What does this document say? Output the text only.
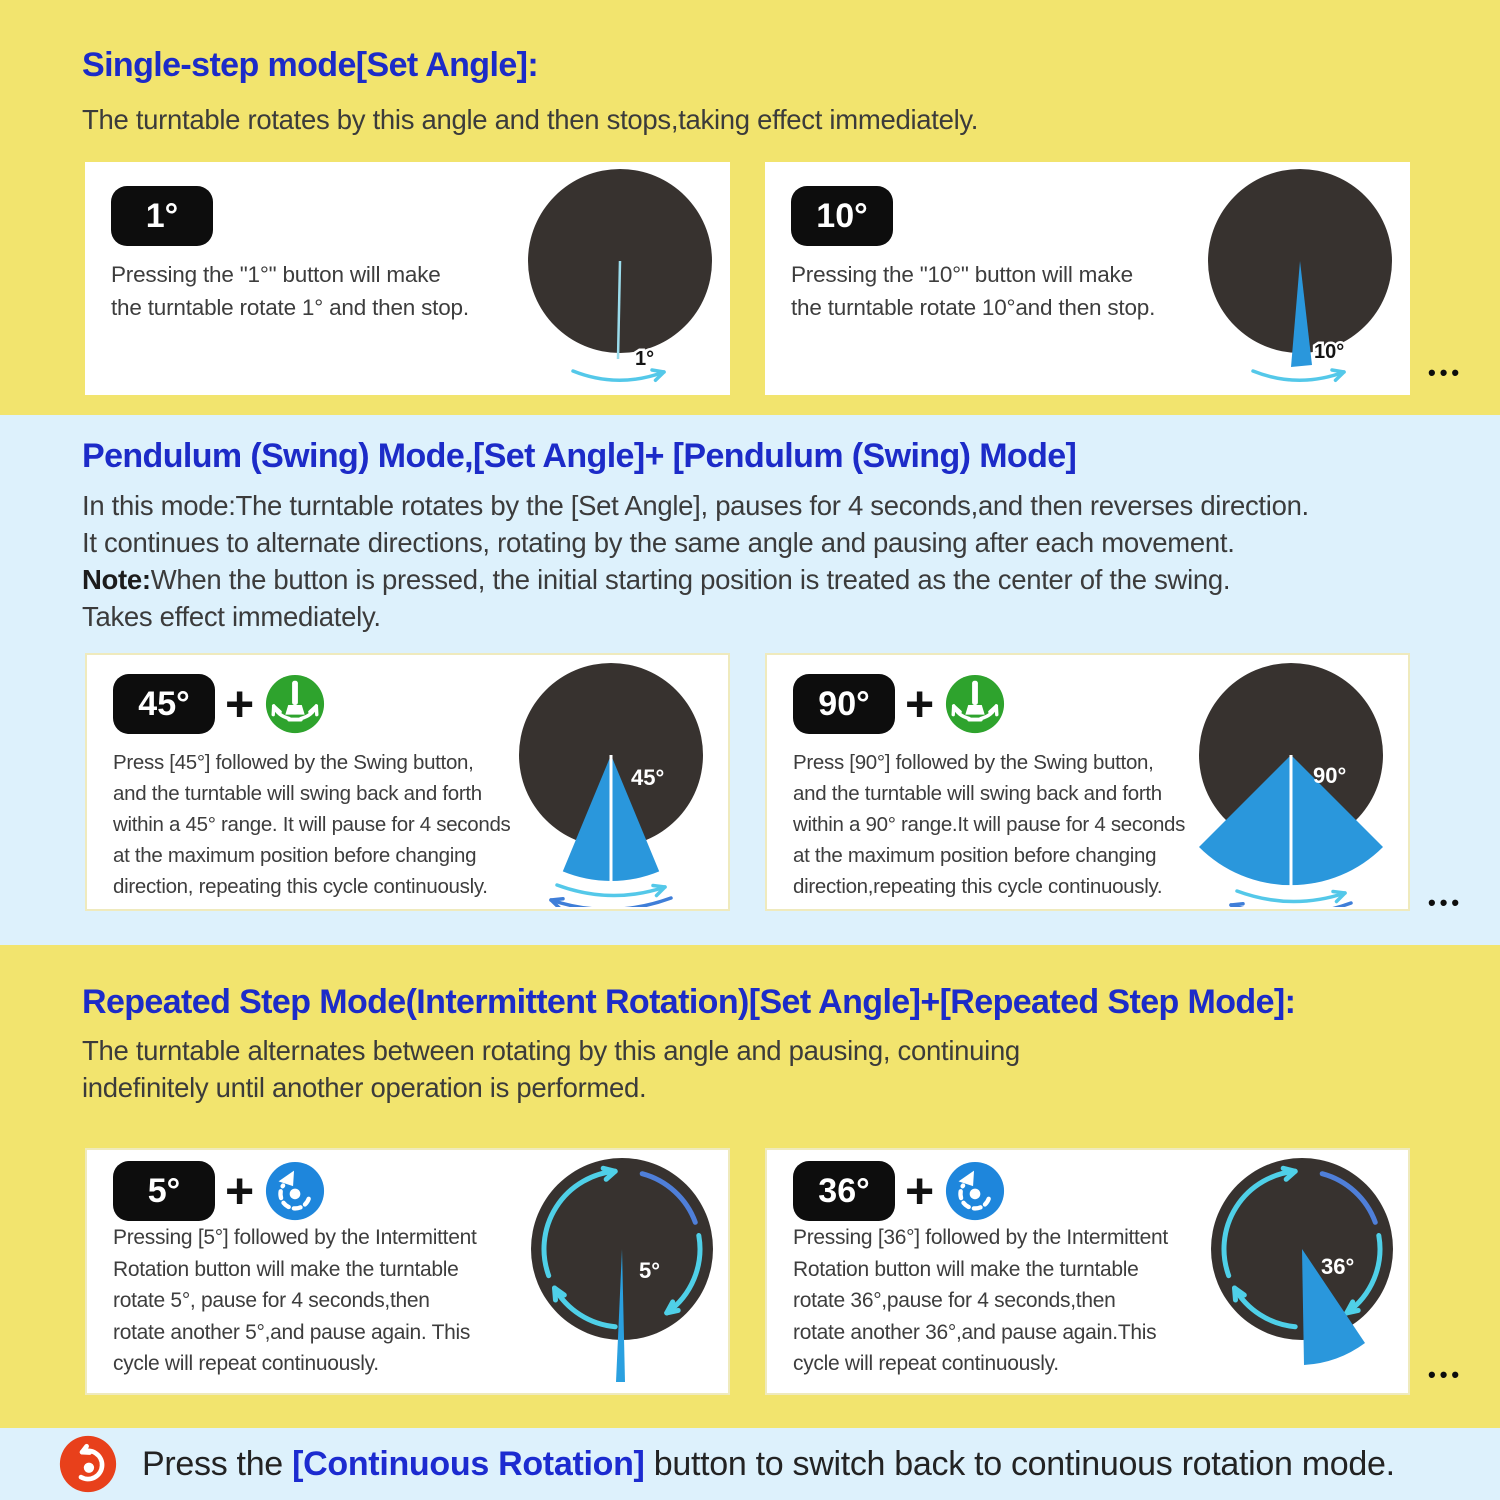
Single-step mode[Set Angle]:
The turntable rotates by this angle and then stops,taking effect immediately.
1°
Pressing the "1°" button will make
the turntable rotate 1° and then stop.
1°
10°
Pressing the "10°" button will make
the turntable rotate 10°and then stop.
10°
•••
Pendulum (Swing) Mode,[Set Angle]+ [Pendulum (Swing) Mode]
In this mode:The turntable rotates by the [Set Angle], pauses for 4 seconds,and then reverses direction.
It continues to alternate directions, rotating by the same angle and pausing after each movement.
Note:When the button is pressed, the initial starting position is treated as the center of the swing.
Takes effect immediately.
45° +
Press [45°] followed by the Swing button,
and the turntable will swing back and forth
within a 45° range. It will pause for 4 seconds
at the maximum position before changing
direction, repeating this cycle continuously.
45°
90° +
Press [90°] followed by the Swing button,
and the turntable will swing back and forth
within a 90° range.It will pause for 4 seconds
at the maximum position before changing
direction,repeating this cycle continuously.
90°
•••
Repeated Step Mode(Intermittent Rotation)[Set Angle]+[Repeated Step Mode]:
The turntable alternates between rotating by this angle and pausing, continuing
indefinitely until another operation is performed.
5° +
Pressing [5°] followed by the Intermittent
Rotation button will make the turntable
rotate 5°, pause for 4 seconds,then
rotate another 5°,and pause again. This
cycle will repeat continuously.
5°
36° +
Pressing [36°] followed by the Intermittent
Rotation button will make the turntable
rotate 36°,pause for 4 seconds,then
rotate another 36°,and pause again.This
cycle will repeat continuously.
36°
•••
Press the [Continuous Rotation] button to switch back to continuous rotation mode.
